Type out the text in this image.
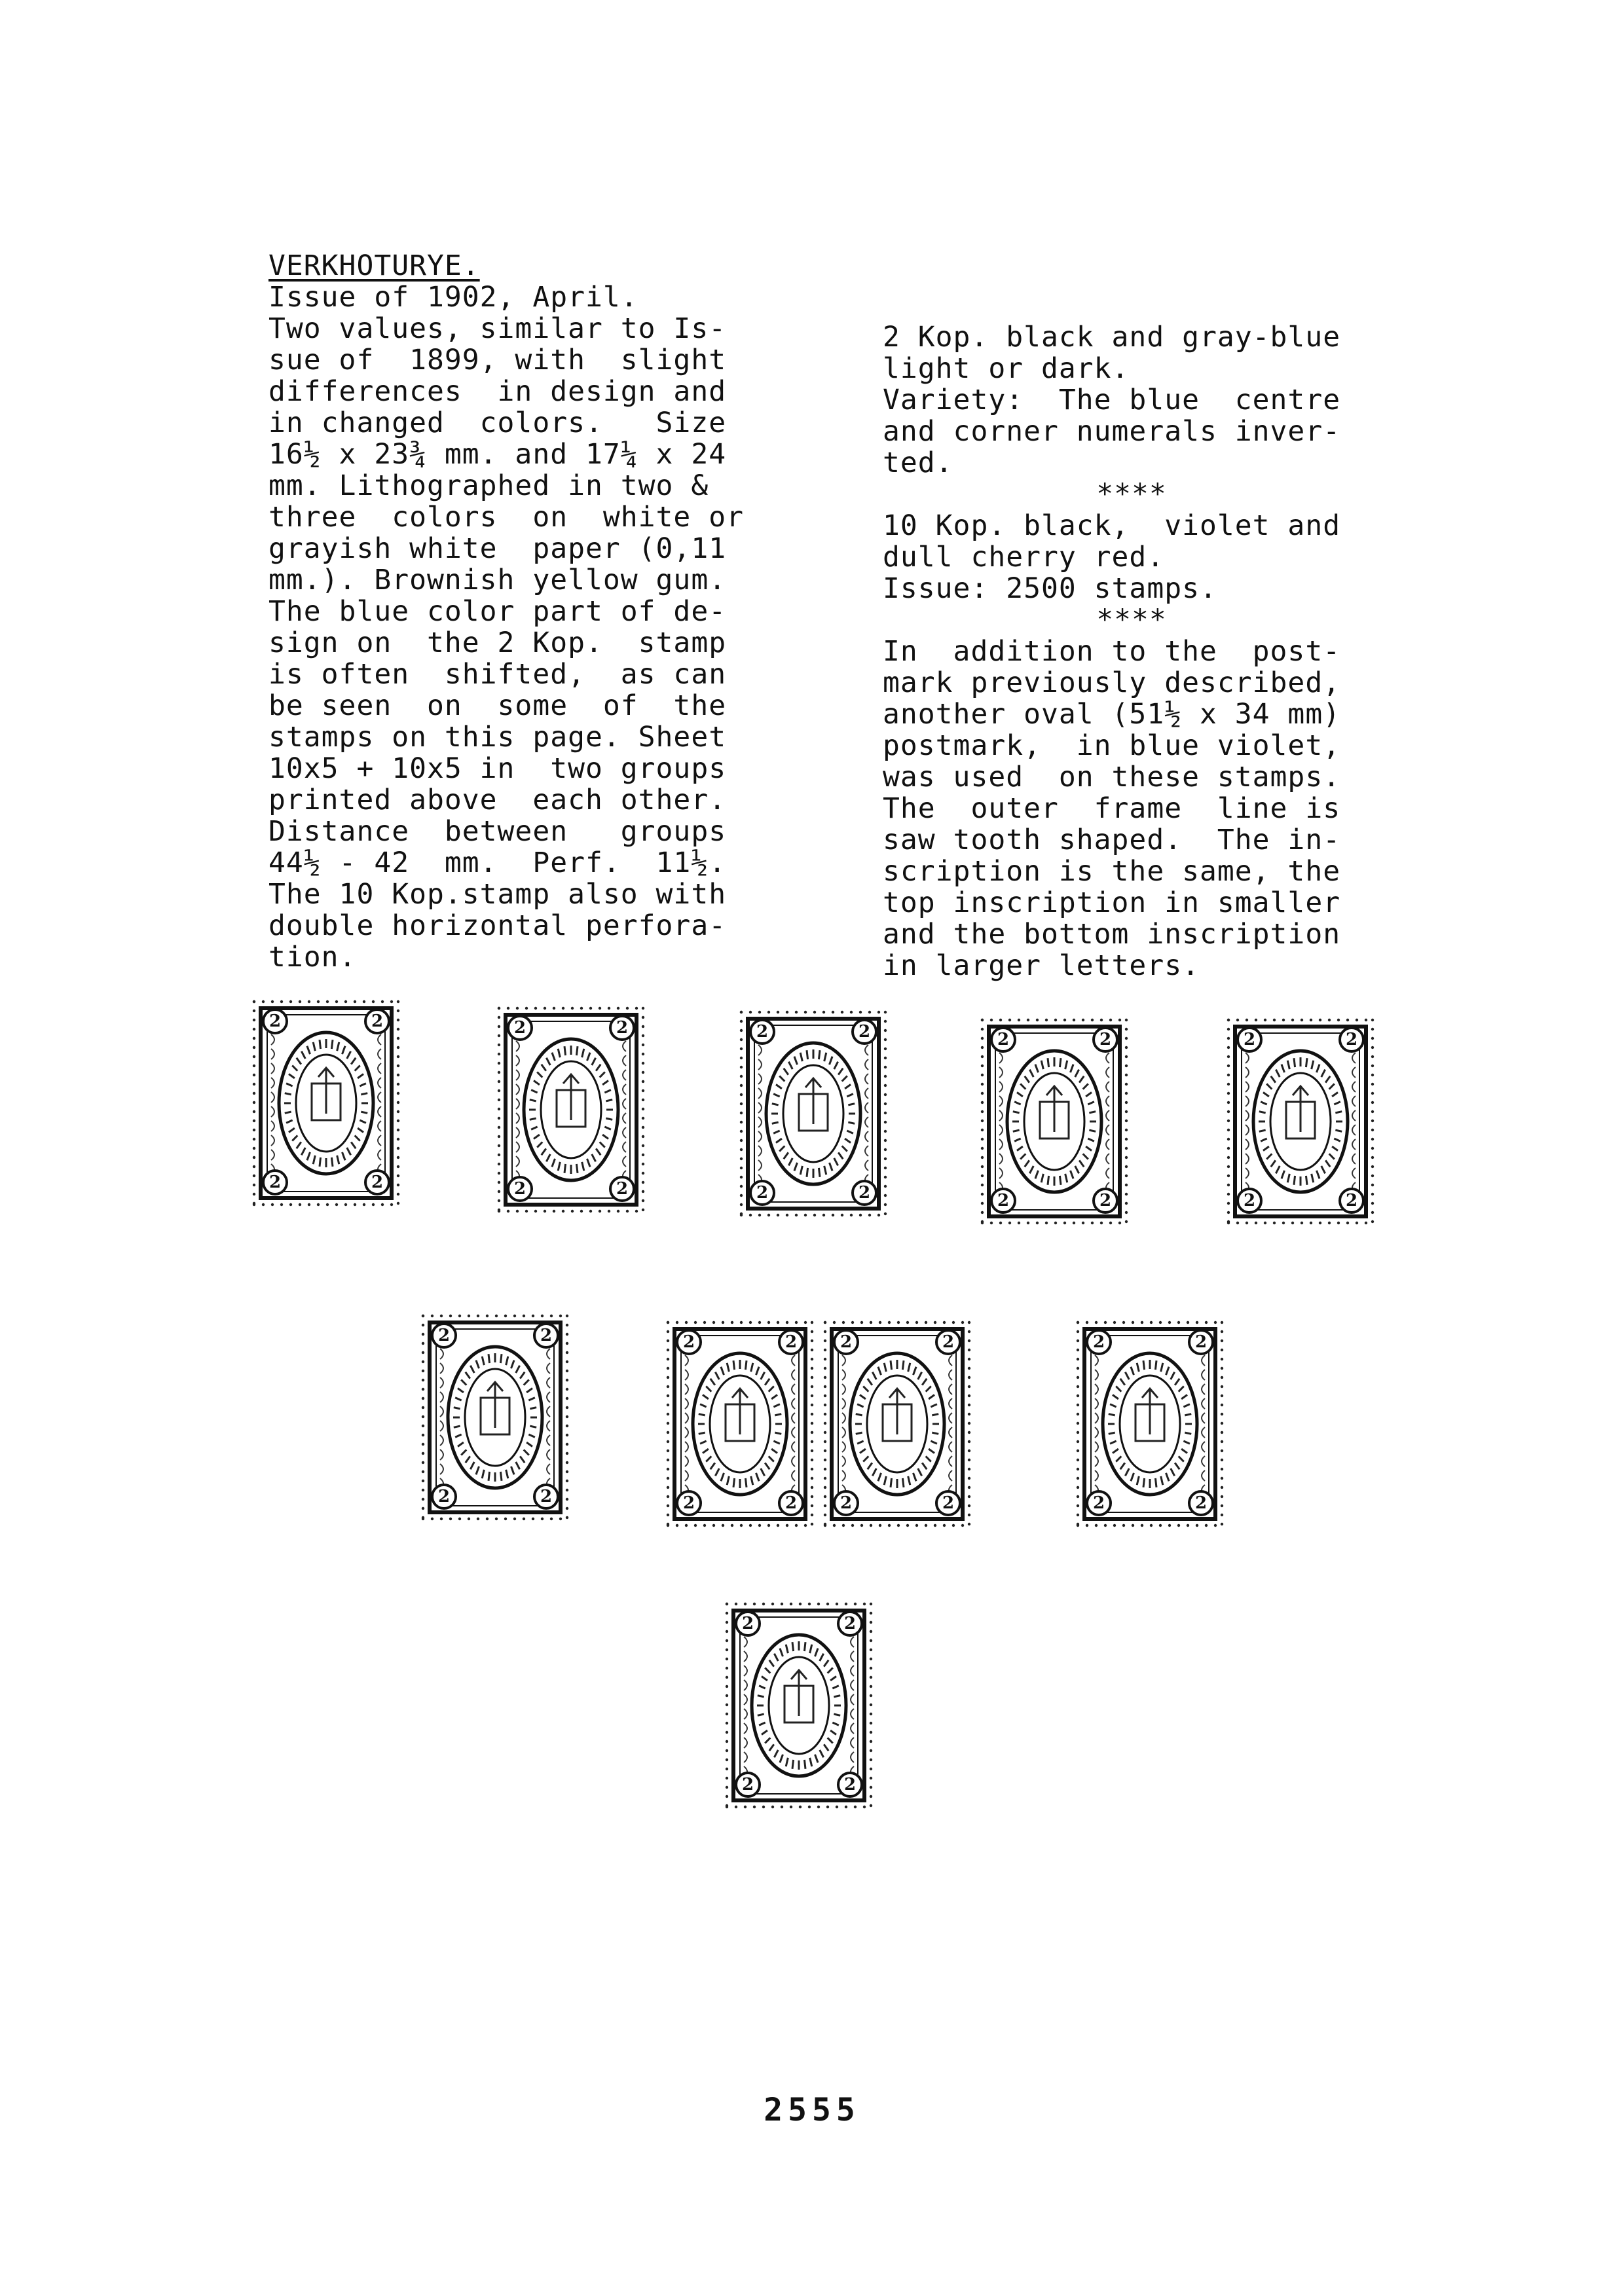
VERKHOTURYE.

Issue of 1902, April.

Two values, similar to Is-

sue of  1899, with  slight

differences  in design and

in changed  colors.   Size

16½ x 23¾ mm. and 17¼ x 24

mm. Lithographed in two &

three  colors  on  white or

grayish white  paper (0,11

mm.). Brownish yellow gum.

The blue color part of de-

sign on  the 2 Kop.  stamp

is often  shifted,  as can

be seen  on  some  of  the

stamps on this page. Sheet

10x5 + 10x5 in  two groups

printed above  each other.

Distance  between   groups

44½ - 42  mm.  Perf.  11½.

The 10 Kop.stamp also with

double horizontal perfora-

tion.

2 Kop. black and gray-blue

light or dark.

Variety:  The blue  centre

and corner numerals inver-

ted.

****

10 Kop. black,  violet and

dull cherry red.

Issue: 2500 stamps.

****

In  addition to the  post-

mark previously described,

another oval (51½ x 34 mm)

postmark,  in blue violet,

was used  on these stamps.

The  outer  frame  line is

saw tooth shaped.  The in-

scription is the same, the

top inscription in smaller

and the bottom inscription

in larger letters.

2	2
2	2
2	2
2	2
2	2
2	2
2	2
2	2
2	2
2	2
2	2
2	2
2	2
2	2
2	2
2	2
2	2
2	2
2	2
2	2
2555
